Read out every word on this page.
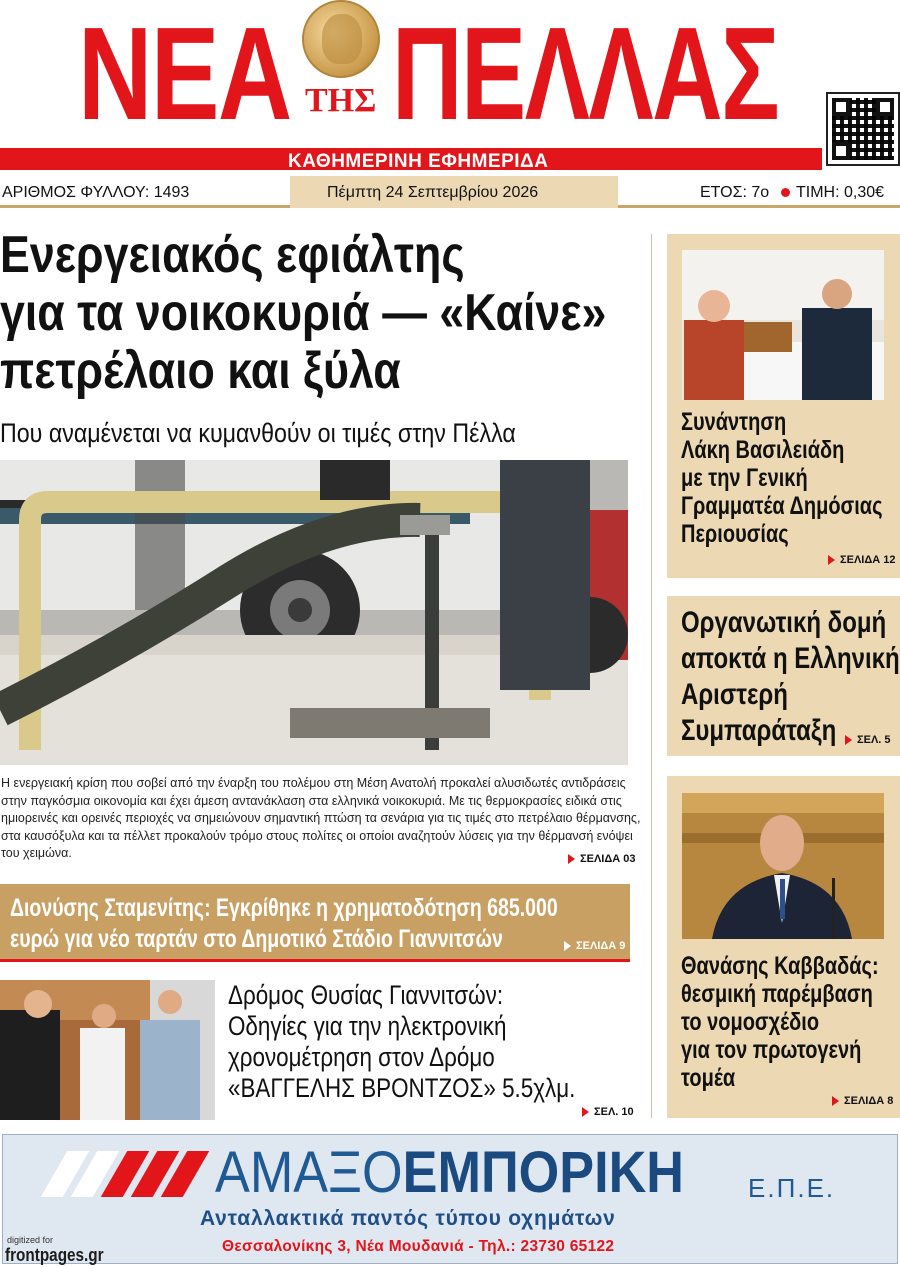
ΝΕΑ ΤΗΣ ΠΕΛΛΑΣ
ΚΑΘΗΜΕΡΙΝΗ ΕΦΗΜΕΡΙΔΑ
ΑΡΙΘΜΟΣ ΦΥΛΛΟΥ: 1493	Πέμπτη 24 Σεπτεμβρίου 2026	ΕΤΟΣ: 7ο ΤΙΜΗ: 0,30€
Ενεργειακός εφιάλτης
για τα νοικοκυριά — «Καίνε»
πετρέλαιο και ξύλα
Που αναμένεται να κυμανθούν οι τιμές στην Πέλλα
Η ενεργειακή κρίση που σοβεί από την έναρξη του πολέμου στη Μέση Ανατολή προκαλεί αλυσιδωτές αντιδράσεις στην παγκόσμια οικονομία και έχει άμεση αντανάκλαση στα ελληνικά νοικοκυριά. Με τις θερμοκρασίες ειδικά στις ημιορεινές και ορεινές περιοχές να σημειώνουν σημαντική πτώση τα σενάρια για τις τιμές στο πετρέλαιο θέρμανσης, στα καυσόξυλα και τα πέλλετ προκαλούν τρόμο στους πολίτες οι οποίοι αναζητούν λύσεις για την θέρμανσή ενόψει του χειμώνα.	ΣΕΛΙΔΑ 03
Διονύσης Σταμενίτης: Εγκρίθηκε η χρηματοδότηση 685.000
ευρώ για νέο ταρτάν στο Δημοτικό Στάδιο Γιαννιτσών	ΣΕΛΙΔΑ 9
Δρόμος Θυσίας Γιαννιτσών:
Οδηγίες για την ηλεκτρονική
χρονομέτρηση στον Δρόμο
«ΒΑΓΓΕΛΗΣ ΒΡΟΝΤΖΟΣ» 5.5χλμ.
ΣΕΛ. 10
Συνάντηση
Λάκη Βασιλειάδη
με την Γενική
Γραμματέα Δημόσιας
Περιουσίας
ΣΕΛΙΔΑ 12
Οργανωτική δομή
αποκτά η Ελληνική
Αριστερή
Συμπαράταξη	ΣΕΛ. 5
Θανάσης Καββαδάς:
θεσμική παρέμβαση
το νομοσχέδιο
για τον πρωτογενή
τομέα
ΣΕΛΙΔΑ 8
ΑΜΑΞΟΕΜΠΟΡΙΚΗ Ε.Π.Ε.
Ανταλλακτικά παντός τύπου οχημάτων
Θεσσαλονίκης 3, Νέα Μουδανιά - Τηλ.: 23730 65122
digitized for
frontpages.gr
